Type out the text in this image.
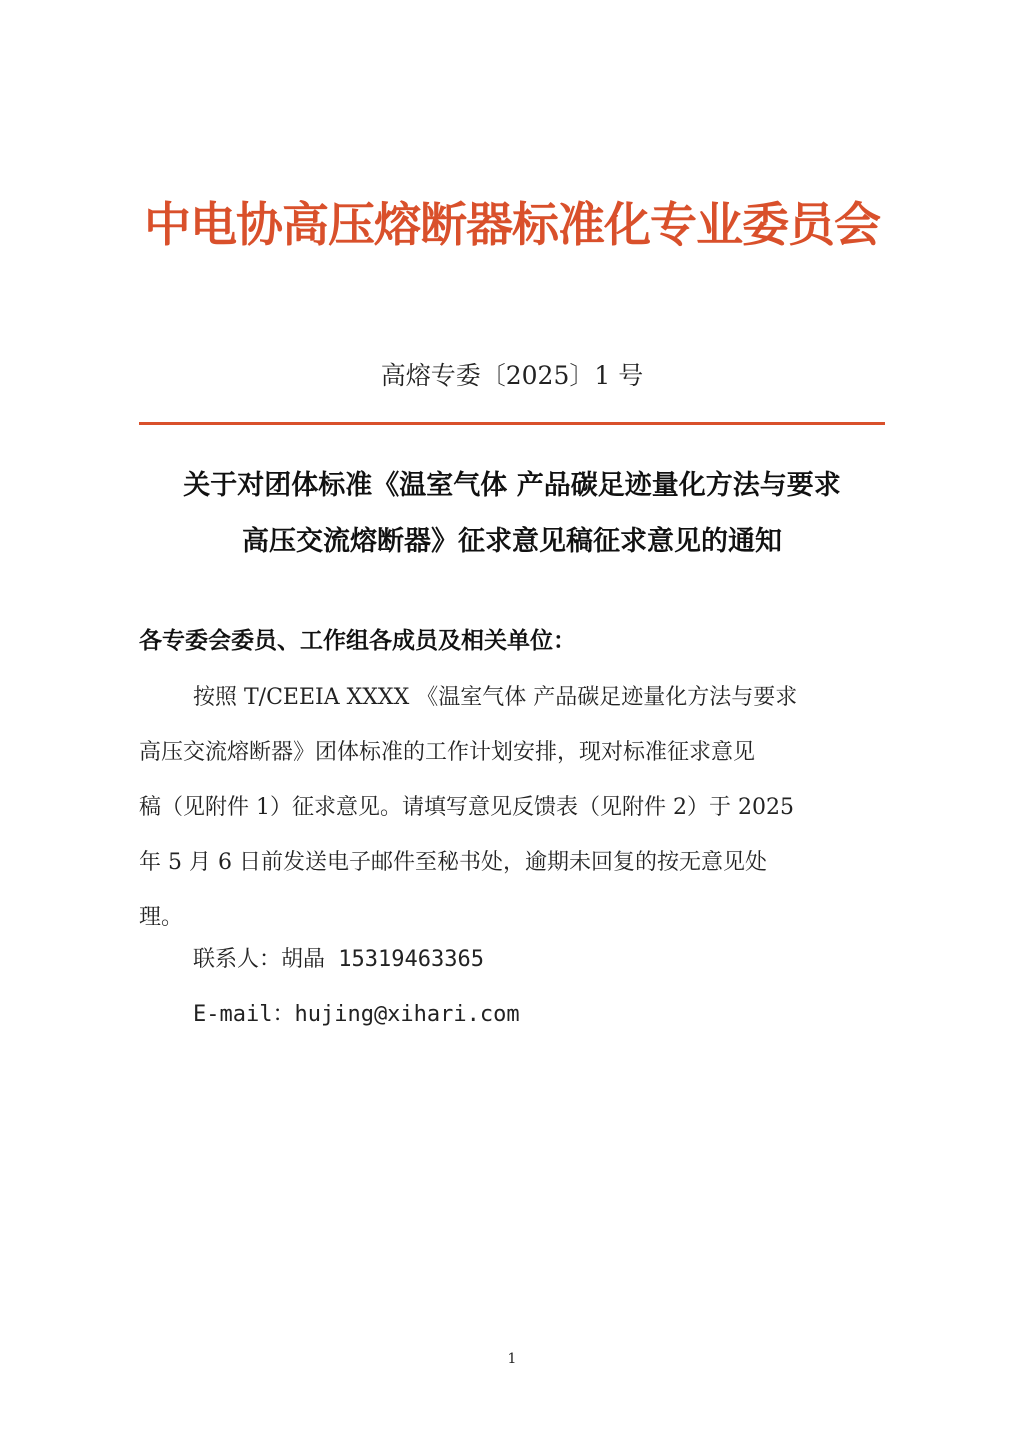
中电协高压熔断器标准化专业委员会
高熔专委〔2025〕1 号
关于对团体标准《温室气体 产品碳足迹量化方法与要求
高压交流熔断器》征求意见稿征求意见的通知
各专委会委员、工作组各成员及相关单位：
按照 T/CEEIA XXXX 《温室气体 产品碳足迹量化方法与要求
高压交流熔断器》团体标准的工作计划安排，现对标准征求意见
稿（见附件 1）征求意见。请填写意见反馈表（见附件 2）于 2025
年 5 月 6 日前发送电子邮件至秘书处，逾期未回复的按无意见处
理。
联系人：胡晶 15319463365
E-mail：hujing@xihari.com
1
